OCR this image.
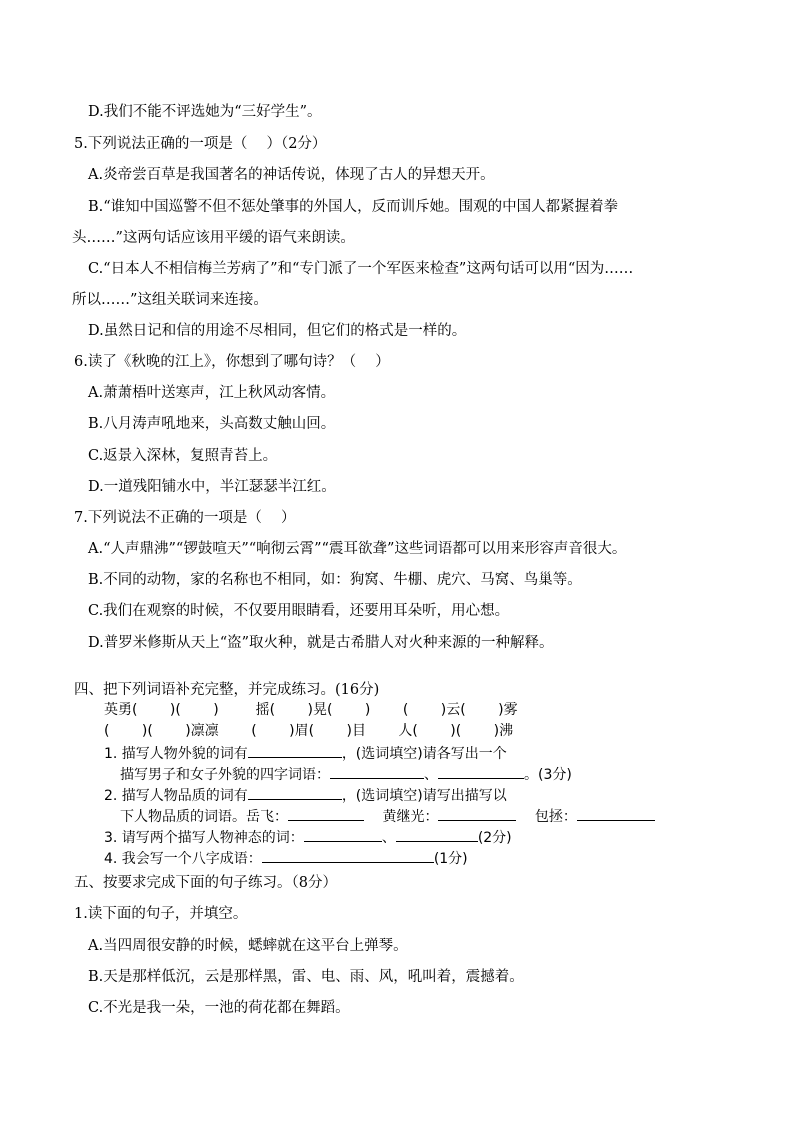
D.我们不能不评选她为“三好学生”。
5.下列说法正确的一项是（　 ）（2分）
A.炎帝尝百草是我国著名的神话传说，体现了古人的异想天开。
B.“谁知中国巡警不但不惩处肇事的外国人，反而训斥她。围观的中国人都紧握着拳
头……”这两句话应该用平缓的语气来朗读。
C.“日本人不相信梅兰芳病了”和“专门派了一个军医来检查”这两句话可以用“因为……
所以……”这组关联词来连接。
D.虽然日记和信的用途不尽相同，但它们的格式是一样的。
6.读了《秋晚的江上》，你想到了哪句诗？（　 ）
A.萧萧梧叶送寒声，江上秋风动客情。
B.八月涛声吼地来，头高数丈触山回。
C.返景入深林，复照青苔上。
D.一道残阳铺水中，半江瑟瑟半江红。
7.下列说法不正确的一项是（　 ）
A.“人声鼎沸”“锣鼓喧天”“响彻云霄”“震耳欲聋”这些词语都可以用来形容声音很大。
B.不同的动物，家的名称也不相同，如：狗窝、牛棚、虎穴、马窝、鸟巢等。
C.我们在观察的时候，不仅要用眼睛看，还要用耳朵听，用心想。
D.普罗米修斯从天上“盗”取火种，就是古希腊人对火种来源的一种解释。
四、把下列词语补充完整，并完成练习。(16分)
英勇(　 　)(　 　)　 　 摇(　 　)晃(　 　)　 　(　 　)云(　 　)雾
(　 　)(　 　)凛凛　 　(　 　)眉(　 　)目　 　人(　 　)(　 　)沸
1. 描写人物外貌的词有	，(选词填空)请各写出一个
描写男子和女子外貌的四字词语：	、	。(3分)
2. 描写人物品质的词有	，(选词填空)请写出描写以
下人物品质的词语。岳飞：　	黄继光：　	包拯：
3. 请写两个描写人物神态的词：	、	(2分)
4. 我会写一个八字成语：	(1分)
五、按要求完成下面的句子练习。（8分）
1.读下面的句子，并填空。
A.当四周很安静的时候，蟋蟀就在这平台上弹琴。
B.天是那样低沉，云是那样黑，雷、电、雨、风，吼叫着，震撼着。
C.不光是我一朵，一池的荷花都在舞蹈。
